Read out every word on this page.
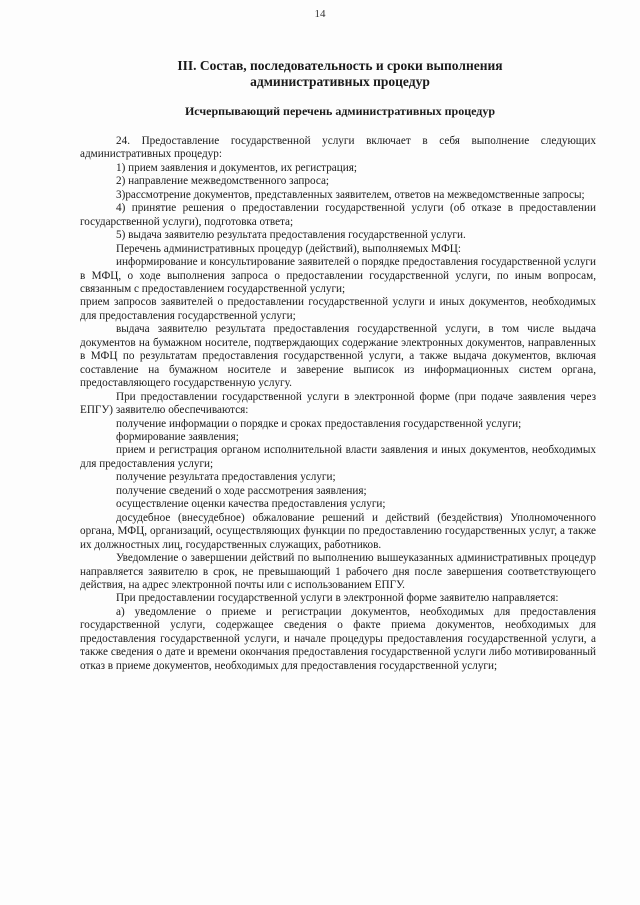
14
III. Состав, последовательность и сроки выполнения
административных процедур
Исчерпывающий перечень административных процедур

24. Предоставление государственной услуги включает в себя выполнение следующих административных процедур:

1) прием заявления и документов, их регистрация;

2) направление межведомственного запроса;

3)рассмотрение документов, представленных заявителем, ответов на межведомственные запросы;

4) принятие решения о предоставлении государственной услуги (об отказе в предоставлении государственной услуги), подготовка ответа;

5) выдача заявителю результата предоставления государственной услуги.

Перечень административных процедур (действий), выполняемых МФЦ:

информирование и консультирование заявителей о порядке предоставления государственной услуги в МФЦ, о ходе выполнения запроса о предоставлении государственной услуги, по иным вопросам, связанным с предоставлением государственной услуги;

прием запросов заявителей о предоставлении государственной услуги и иных документов, необходимых для предоставления государственной услуги;

выдача заявителю результата предоставления государственной услуги, в том числе выдача документов на бумажном носителе, подтверждающих содержание электронных документов, направленных в МФЦ по результатам предоставления государственной услуги, а также выдача документов, включая составление на бумажном носителе и заверение выписок из информационных систем органа, предоставляющего государственную услугу.

При предоставлении государственной услуги в электронной форме (при подаче заявления через ЕПГУ) заявителю обеспечиваются:

получение информации о порядке и сроках предоставления государственной услуги;

формирование заявления;

прием и регистрация органом исполнительной власти заявления и иных документов, необходимых для предоставления услуги;

получение результата предоставления услуги;

получение сведений о ходе рассмотрения заявления;

осуществление оценки качества предоставления услуги;

досудебное (внесудебное) обжалование решений и действий (бездействия) Уполномоченного органа, МФЦ, организаций, осуществляющих функции по предоставлению государственных услуг, а также их должностных лиц, государственных служащих, работников.

Уведомление о завершении действий по выполнению вышеуказанных административных процедур направляется заявителю в срок, не превышающий 1 рабочего дня после завершения соответствующего действия, на адрес электронной почты или с использованием ЕПГУ.

При предоставлении государственной услуги в электронной форме заявителю направляется:

а) уведомление о приеме и регистрации документов, необходимых для предоставления государственной услуги, содержащее сведения о факте приема документов, необходимых для предоставления государственной услуги, и начале процедуры предоставления государственной услуги, а также сведения о дате и времени окончания предоставления государственной услуги либо мотивированный отказ в приеме документов, необходимых для предоставления государственной услуги;
